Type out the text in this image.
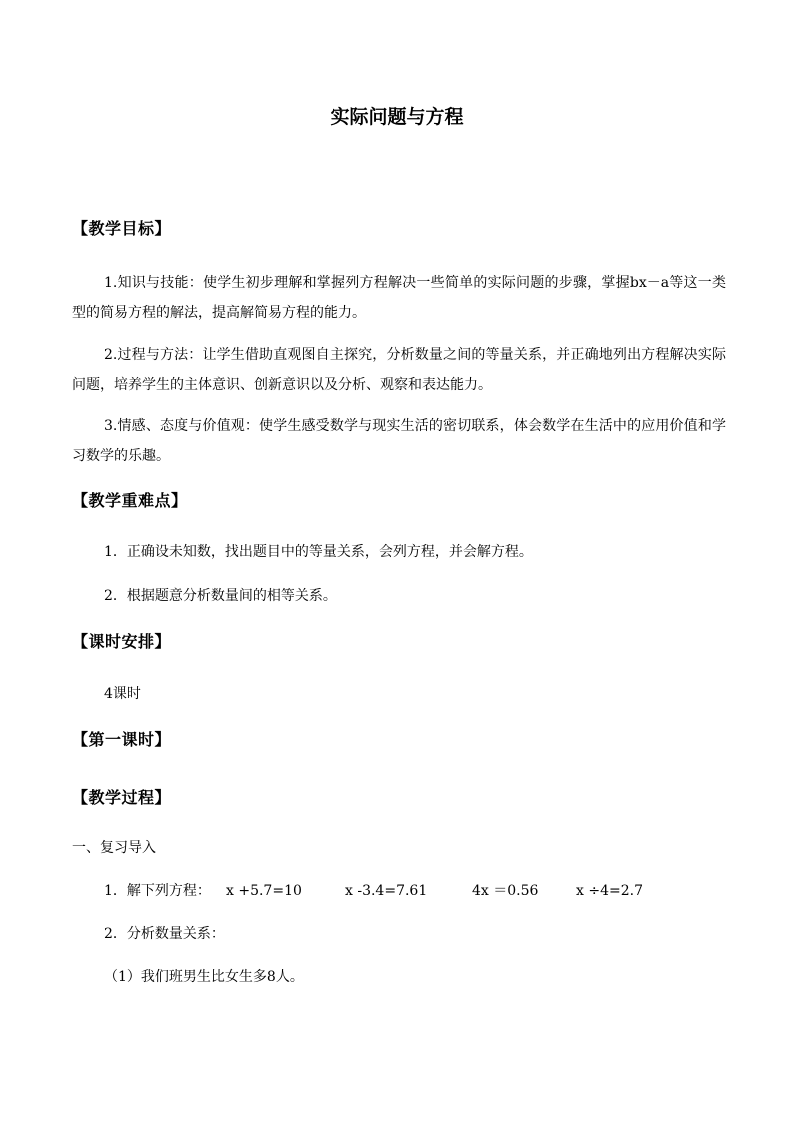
实际问题与方程
【教学目标】
1.知识与技能：使学生初步理解和掌握列方程解决一些简单的实际问题的步骤，掌握bx－a等这一类型的简易方程的解法，提高解简易方程的能力。
2.过程与方法：让学生借助直观图自主探究，分析数量之间的等量关系，并正确地列出方程解决实际问题，培养学生的主体意识、创新意识以及分析、观察和表达能力。
3.情感、态度与价值观：使学生感受数学与现实生活的密切联系，体会数学在生活中的应用价值和学习数学的乐趣。
【教学重难点】
1．正确设未知数，找出题目中的等量关系，会列方程，并会解方程。
2．根据题意分析数量间的相等关系。
【课时安排】
4课时
【第一课时】
【教学过程】
一、复习导入
1．解下列方程： x +5.7=10	x -3.4=7.61	4x ＝0.56	x ÷4=2.7
2．分析数量关系：
（1）我们班男生比女生多8人。
